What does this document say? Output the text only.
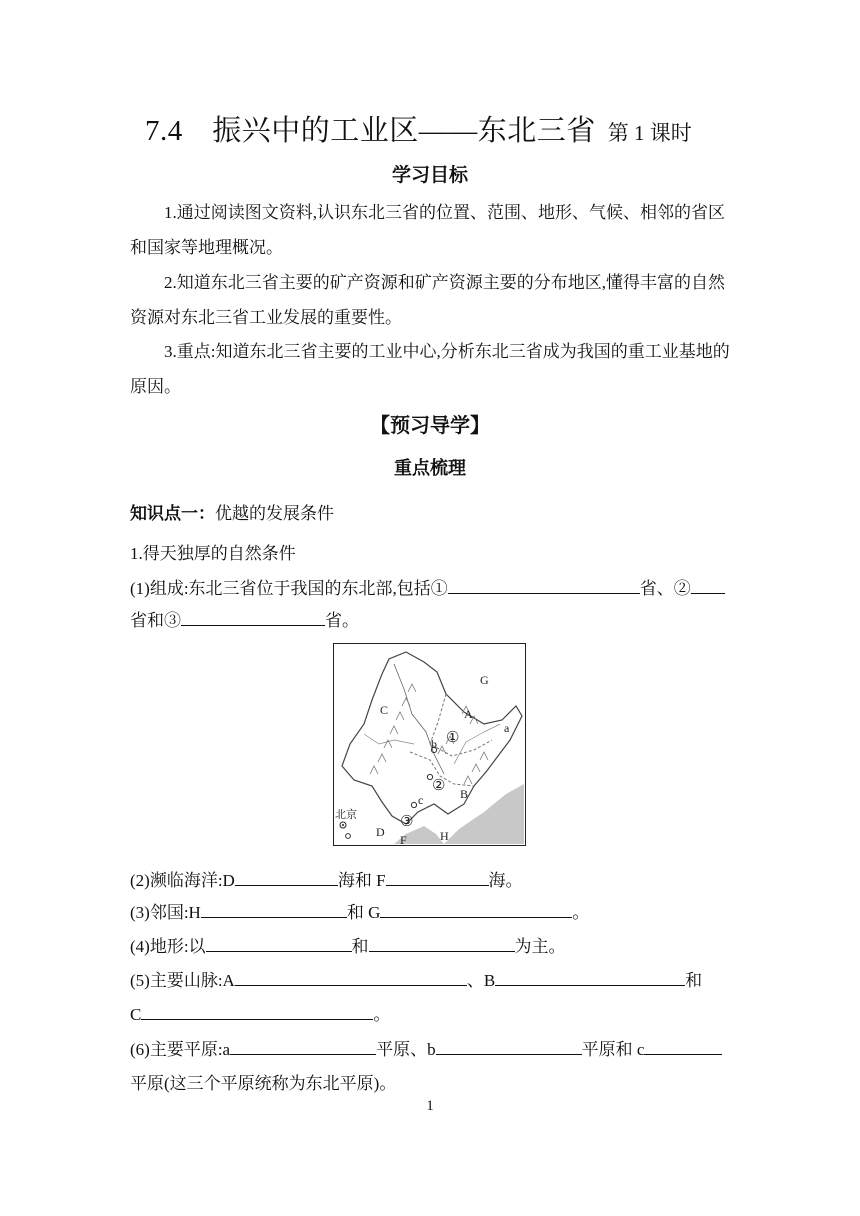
7.4　振兴中的工业区——东北三省 第 1 课时
学习目标
1.通过阅读图文资料,认识东北三省的位置、范围、地形、气候、相邻的省区和国家等地理概况。
2.知道东北三省主要的矿产资源和矿产资源主要的分布地区,懂得丰富的自然资源对东北三省工业发展的重要性。
3.重点:知道东北三省主要的工业中心,分析东北三省成为我国的重工业基地的原因。
【预习导学】
重点梳理
知识点一：优越的发展条件
1.得天独厚的自然条件
(1)组成:东北三省位于我国的东北部,包括①	省、②
省和③	省。
G
A
C
a
b
c	B
D
F	H
①
②
③
北京
(2)濒临海洋:D	海和 F	海。
(3)邻国:H	和 G	。
(4)地形:以	和	为主。
(5)主要山脉:A	、B	和
C	。
(6)主要平原:a	平原、b	平原和 c
平原(这三个平原统称为东北平原)。
1
